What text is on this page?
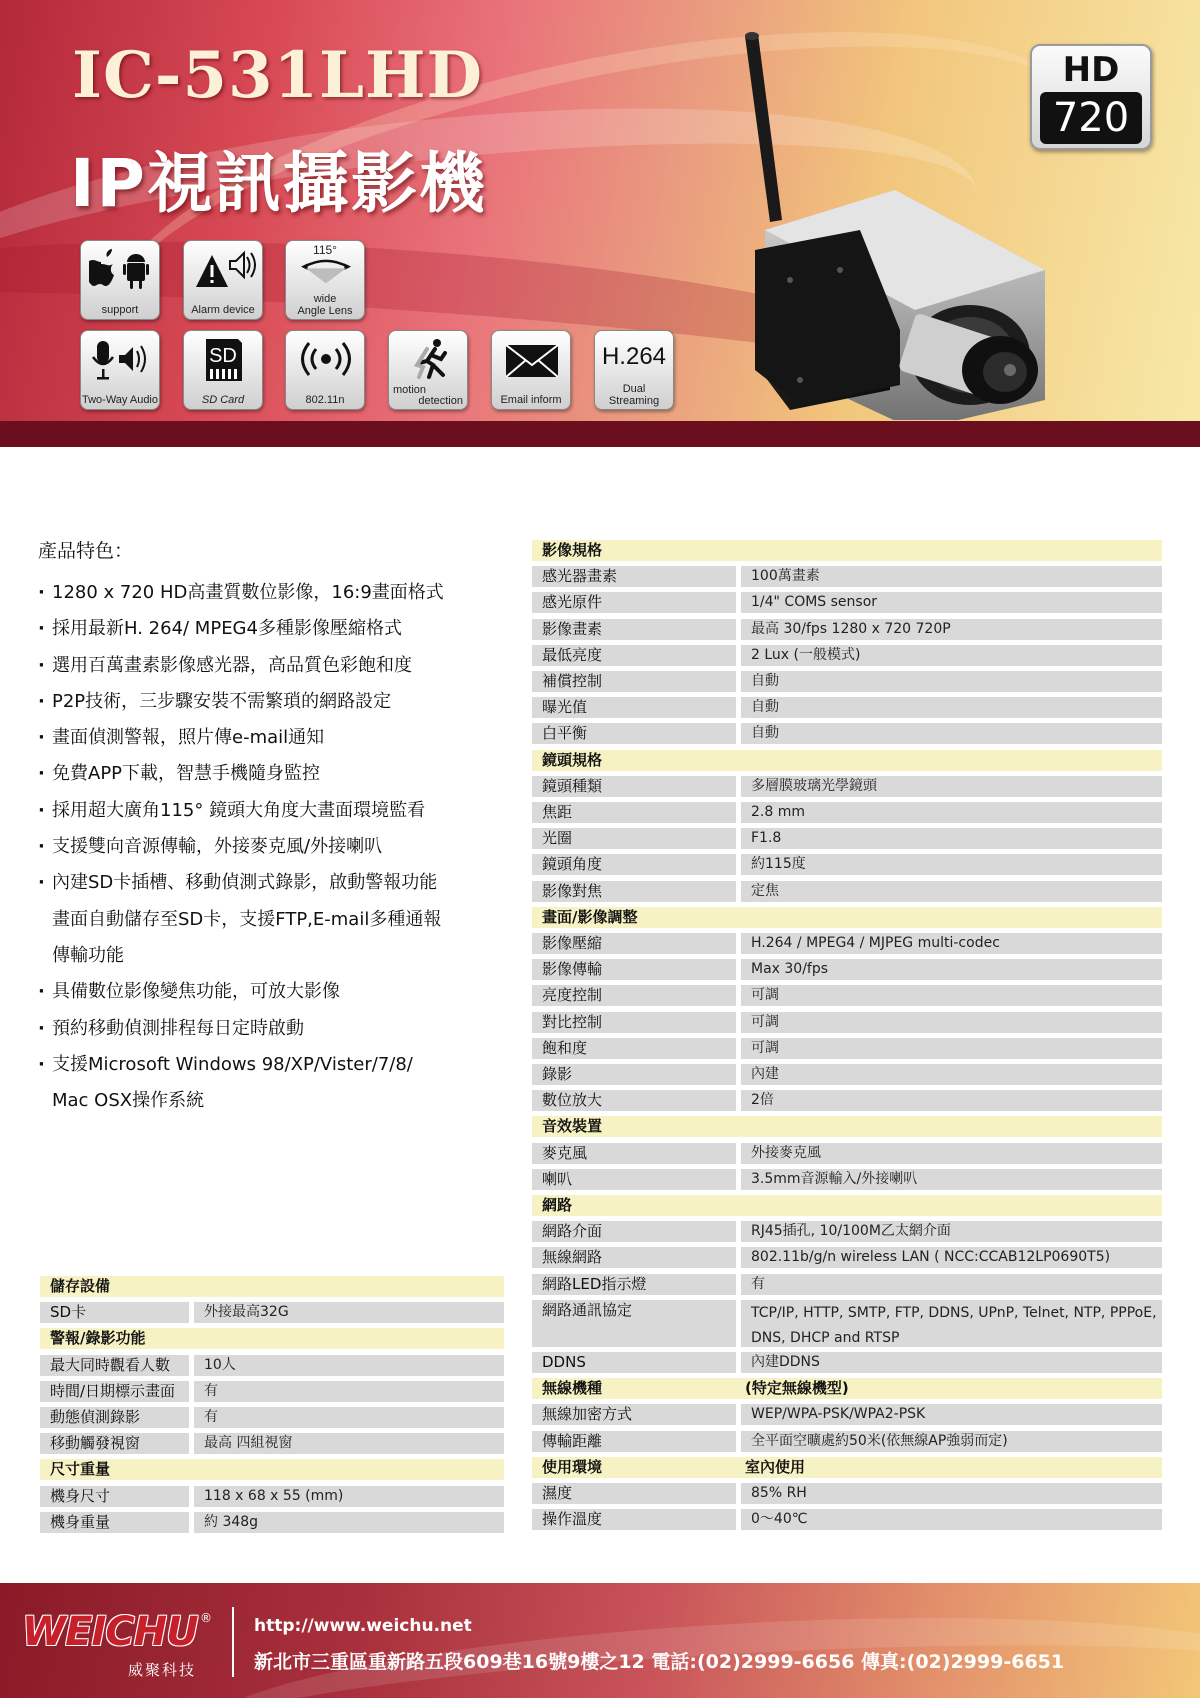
IC-531LHD
IP視訊攝影機
HD
720
support	Alarm device
115°
wide
Angle Lens
Two-Way Audio
SD
SD Card	802.11n
motion
detection	Email inform
H.264
Dual
Streaming
產品特色：
· 1280 x 720 HD高畫質數位影像，16:9畫面格式
· 採用最新H. 264/ MPEG4多種影像壓縮格式
· 選用百萬畫素影像感光器，高品質色彩飽和度
· P2P技術，三步驟安裝不需繁瑣的網路設定
· 畫面偵測警報，照片傳e-mail通知
· 免費APP下載，智慧手機隨身監控
· 採用超大廣角115° 鏡頭大角度大畫面環境監看
· 支援雙向音源傳輸，外接麥克風/外接喇叭
· 內建SD卡插槽、移動偵測式錄影，啟動警報功能
畫面自動儲存至SD卡，支援FTP,E-mail多種通報
傳輸功能
· 具備數位影像變焦功能，可放大影像
· 預約移動偵測排程每日定時啟動
· 支援Microsoft Windows 98/XP/Vister/7/8/
Mac OSX操作系統
影像規格
感光器畫素	100萬畫素
感光原件	1/4" COMS sensor
影像畫素	最高 30/fps 1280 x 720 720P
最低亮度	2 Lux (一般模式)
補償控制	自動
曝光值	自動
白平衡	自動
鏡頭規格
鏡頭種類	多層膜玻璃光學鏡頭
焦距	2.8 mm
光圈	F1.8
鏡頭角度	約115度
影像對焦	定焦
畫面/影像調整
影像壓縮	H.264 / MPEG4 / MJPEG multi-codec
影像傳輸	Max 30/fps
亮度控制	可調
對比控制	可調
飽和度	可調
錄影	內建
數位放大	2倍
音效裝置
麥克風	外接麥克風
喇叭	3.5mm音源輸入/外接喇叭
網路
網路介面	RJ45插孔, 10/100M乙太網介面
無線網路	802.11b/g/n wireless LAN ( NCC:CCAB12LP0690T5)
網路LED指示燈	有
網路通訊協定	TCP/IP, HTTP, SMTP, FTP, DDNS, UPnP, Telnet, NTP, PPPoE, DNS, DHCP and RTSP
DDNS	內建DDNS
無線機種	(特定無線機型)
無線加密方式	WEP/WPA-PSK/WPA2-PSK
傳輸距離	全平面空曠處約50米(依無線AP強弱而定)
使用環境	室內使用
濕度	85% RH
操作溫度	0～40℃
儲存設備
SD卡	外接最高32G
警報/錄影功能
最大同時觀看人數	10人
時間/日期標示畫面	有
動態偵測錄影	有
移動觸發視窗	最高 四組視窗
尺寸重量
機身尺寸	118 x 68 x 55 (mm)
機身重量	約 348g
WEICHU ®
威聚科技
http://www.weichu.net
新北市三重區重新路五段609巷16號9樓之12 電話:(02)2999-6656 傳真:(02)2999-6651
